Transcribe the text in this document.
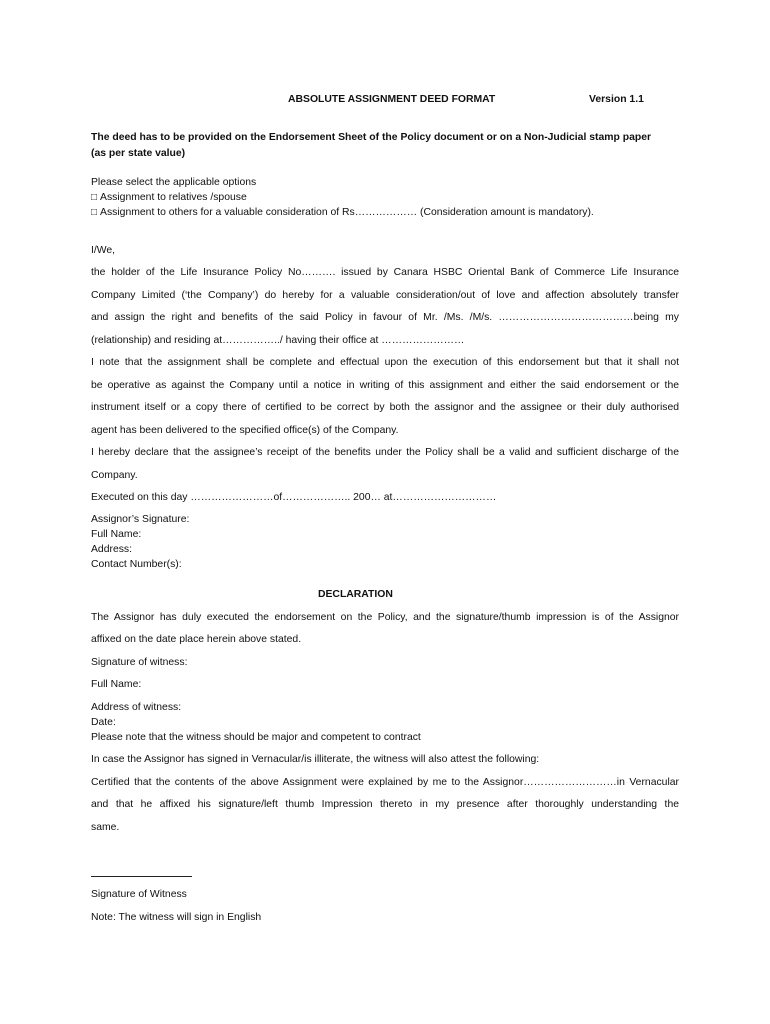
ABSOLUTE ASSIGNMENT DEED FORMAT	Version 1.1
The deed has to be provided on the Endorsement Sheet of the Policy document or on a Non-Judicial stamp paper
(as per state value)
Please select the applicable options
□ Assignment to relatives /spouse
□ Assignment to others for a valuable consideration of Rs……………… (Consideration amount is mandatory).
I/We,
the holder of the Life Insurance Policy No………. issued by Canara HSBC Oriental Bank of Commerce Life Insurance
Company Limited (‘the Company’) do hereby for a valuable consideration/out of love and affection absolutely transfer
and assign the right and benefits of the said Policy in favour of Mr. /Ms. /M/s. …………………………………being my
(relationship) and residing at……………../ having their office at ……………………
I note that the assignment shall be complete and effectual upon the execution of this endorsement but that it shall not
be operative as against the Company until a notice in writing of this assignment and either the said endorsement or the
instrument itself or a copy there of certified to be correct by both the assignor and the assignee or their duly authorised
agent has been delivered to the specified office(s) of the Company.
I hereby declare that the assignee’s receipt of the benefits under the Policy shall be a valid and sufficient discharge of the
Company.
Executed on this day ……………………of……………….. 200… at…………………………
Assignor’s Signature:
Full Name:
Address:
Contact Number(s):
DECLARATION
The Assignor has duly executed the endorsement on the Policy, and the signature/thumb impression is of the Assignor
affixed on the date place herein above stated.
Signature of witness:
Full Name:
Address of witness:
Date:
Please note that the witness should be major and competent to contract
In case the Assignor has signed in Vernacular/is illiterate, the witness will also attest the following:
Certified that the contents of the above Assignment were explained by me to the Assignor………………………in Vernacular
and that he affixed his signature/left thumb Impression thereto in my presence after thoroughly understanding the
same.
Signature of Witness
Note: The witness will sign in English
